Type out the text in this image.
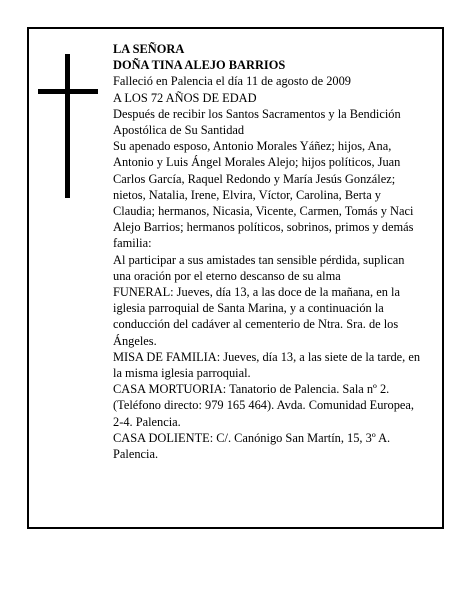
LA SEÑORA

DOÑA TINA ALEJO BARRIOS

Falleció en Palencia el día 11 de agosto de 2009

A LOS 72 AÑOS DE EDAD

Después de recibir los Santos Sacramentos y la Bendición Apostólica de Su Santidad

Su apenado esposo, Antonio Morales Yáñez; hijos, Ana, Antonio y Luis Ángel Morales Alejo; hijos políticos, Juan Carlos García, Raquel Redondo y María Jesús González; nietos, Natalia, Irene, Elvira, Víctor, Carolina, Berta y Claudia; hermanos, Nicasia, Vicente, Carmen, Tomás y Naci Alejo Barrios; hermanos políticos, sobrinos, primos y demás familia:

Al participar a sus amistades tan sensible pérdida, suplican una oración por el eterno descanso de su alma

FUNERAL: Jueves, día 13, a las doce de la mañana, en la iglesia parroquial de Santa Marina, y a continuación la conducción del cadáver al cementerio de Ntra. Sra. de los Ángeles.

MISA DE FAMILIA: Jueves, día 13, a las siete de la tarde, en la misma iglesia parroquial.

CASA MORTUORIA: Tanatorio de Palencia. Sala nº 2. (Teléfono directo: 979 165 464). Avda. Comunidad Europea, 2-4. Palencia.

CASA DOLIENTE: C/. Canónigo San Martín, 15, 3º A. Palencia.
